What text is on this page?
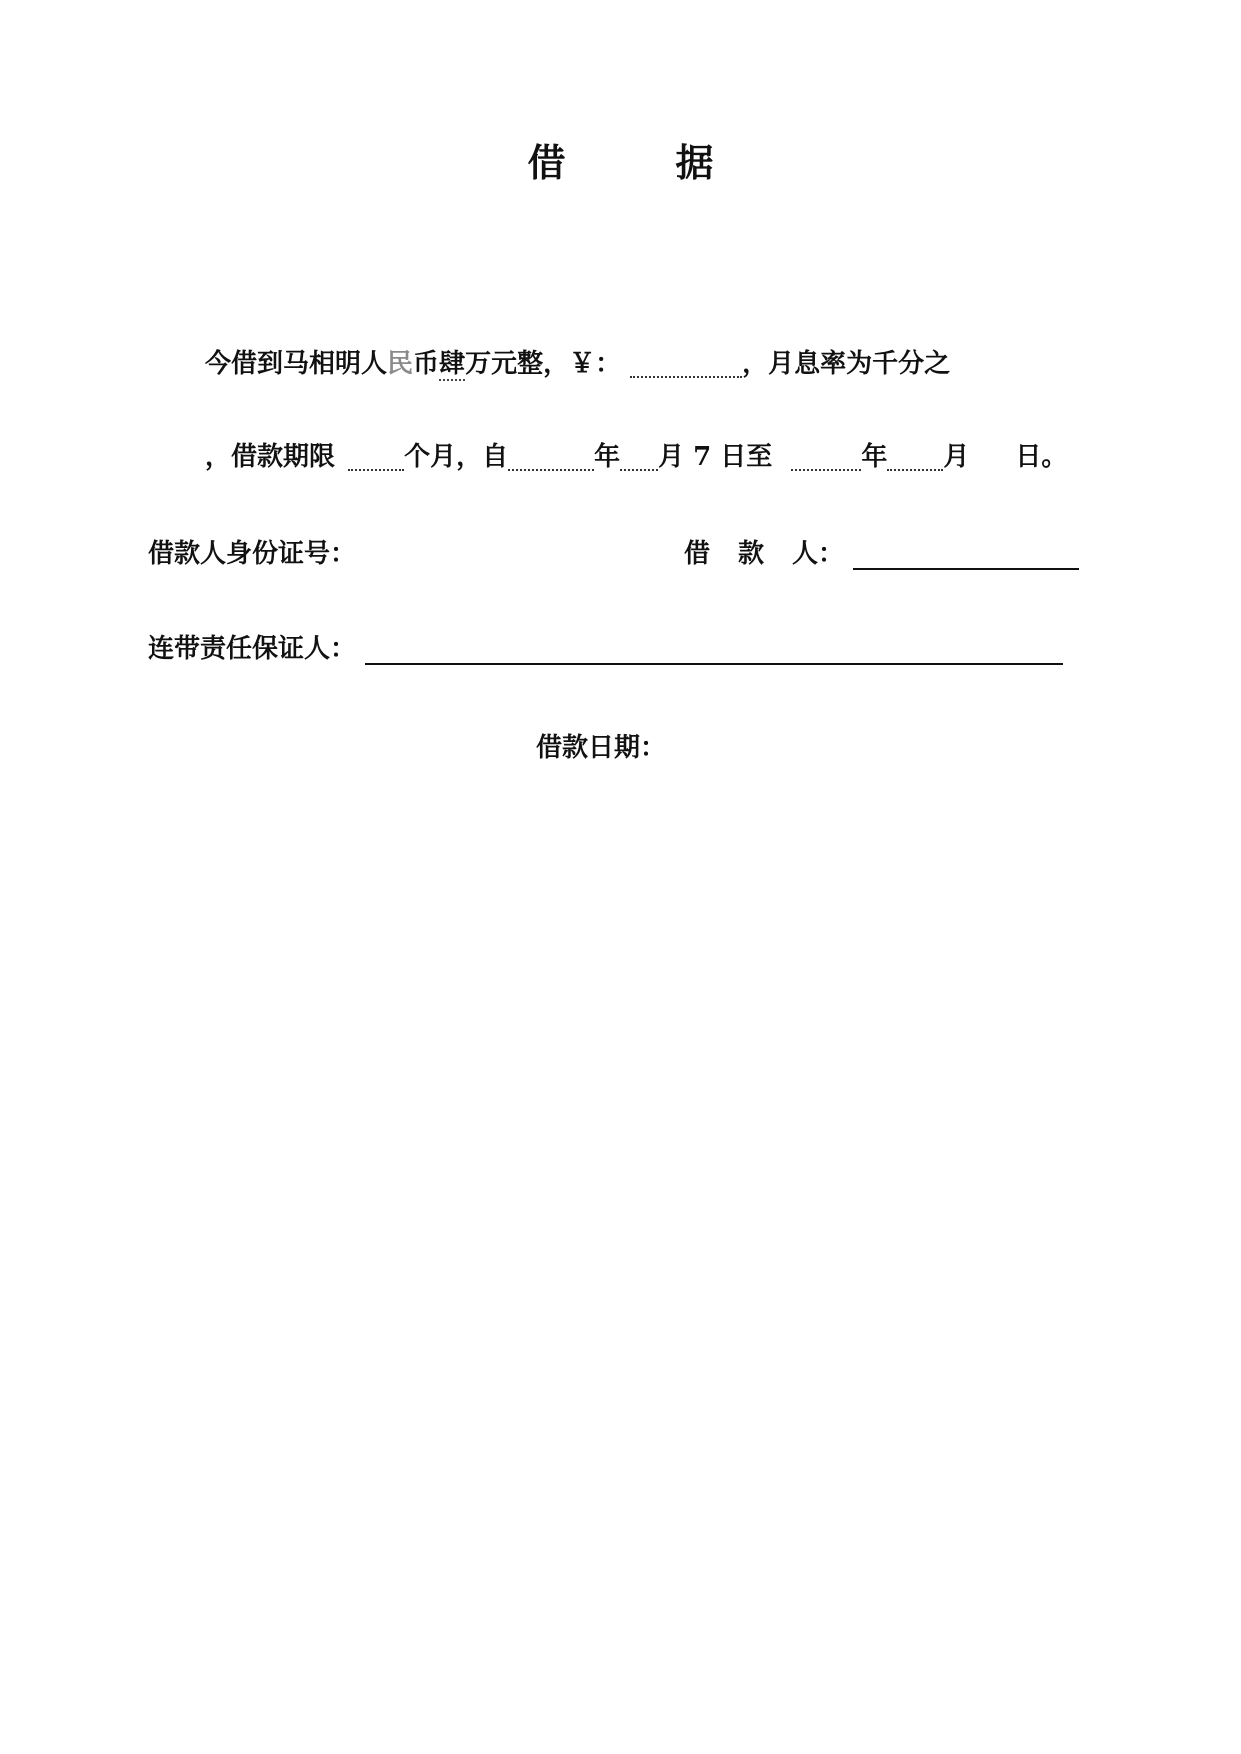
借	据
今借到马相明人民币肆万元整，￥：	，月息率为千分之
，借款期限	个月，自	年 月 7 日至	年 月 日。
借款人身份证号：	借 款 人：
连带责任保证人：
借款日期：
